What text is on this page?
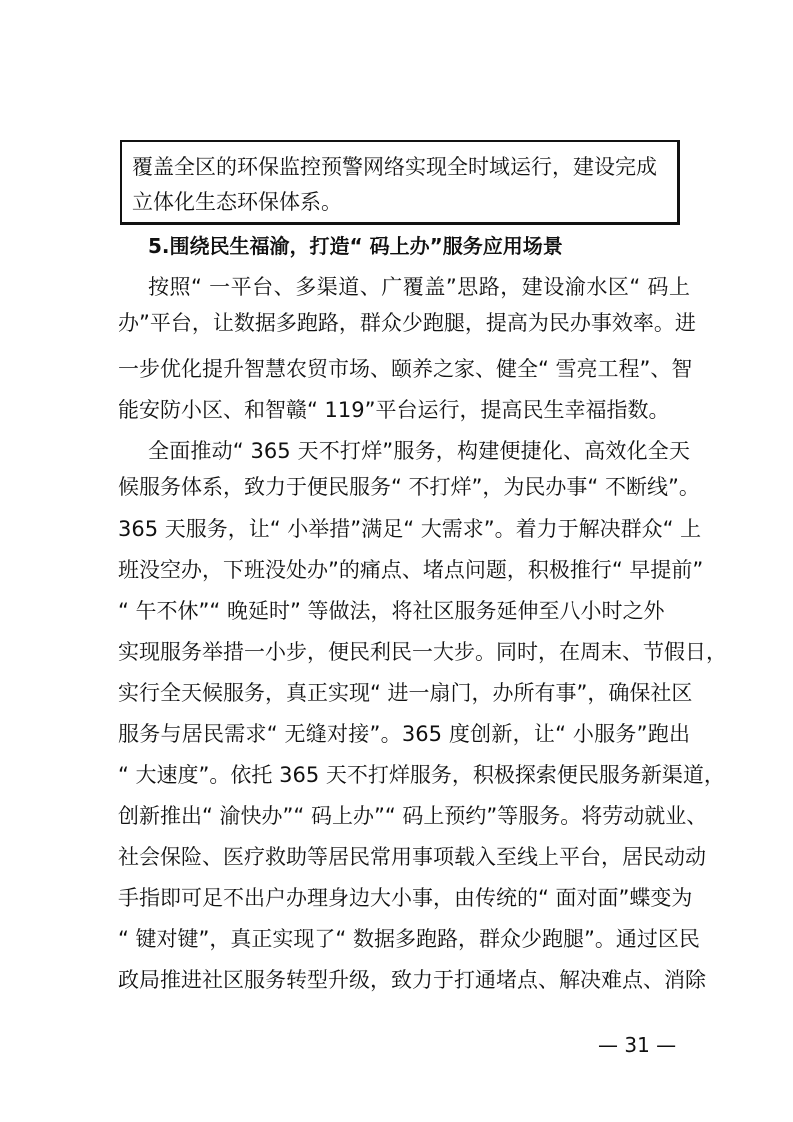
覆盖全区的环保监控预警网络实现全时域运行，建设完成
立体化生态环保体系。
5.围绕民生福渝，打造“ 码上办”服务应用场景
按照“ 一平台、多渠道、广覆盖”思路，建设渝水区“ 码上
办”平台，让数据多跑路，群众少跑腿，提高为民办事效率。进
一步优化提升智慧农贸市场、颐养之家、健全“ 雪亮工程”、智
能安防小区、和智赣“ 119”平台运行，提高民生幸福指数。
全面推动“ 365 天不打烊”服务，构建便捷化、高效化全天
候服务体系，致力于便民服务“ 不打烊”，为民办事“ 不断线”。
365 天服务，让“ 小举措”满足“ 大需求”。着力于解决群众“ 上
班没空办，下班没处办”的痛点、堵点问题，积极推行“ 早提前”
“ 午不休”“ 晚延时” 等做法，将社区服务延伸至八小时之外
实现服务举措一小步，便民利民一大步。同时，在周末、节假日，
实行全天候服务，真正实现“ 进一扇门，办所有事”，确保社区
服务与居民需求“ 无缝对接”。365 度创新，让“ 小服务”跑出
“ 大速度”。依托 365 天不打烊服务，积极探索便民服务新渠道，
创新推出“ 渝快办”“ 码上办”“ 码上预约”等服务。将劳动就业、
社会保险、医疗救助等居民常用事项载入至线上平台，居民动动
手指即可足不出户办理身边大小事，由传统的“ 面对面”蝶变为
“ 键对键”，真正实现了“ 数据多跑路，群众少跑腿”。通过区民
政局推进社区服务转型升级，致力于打通堵点、解决难点、消除
— 31 —
